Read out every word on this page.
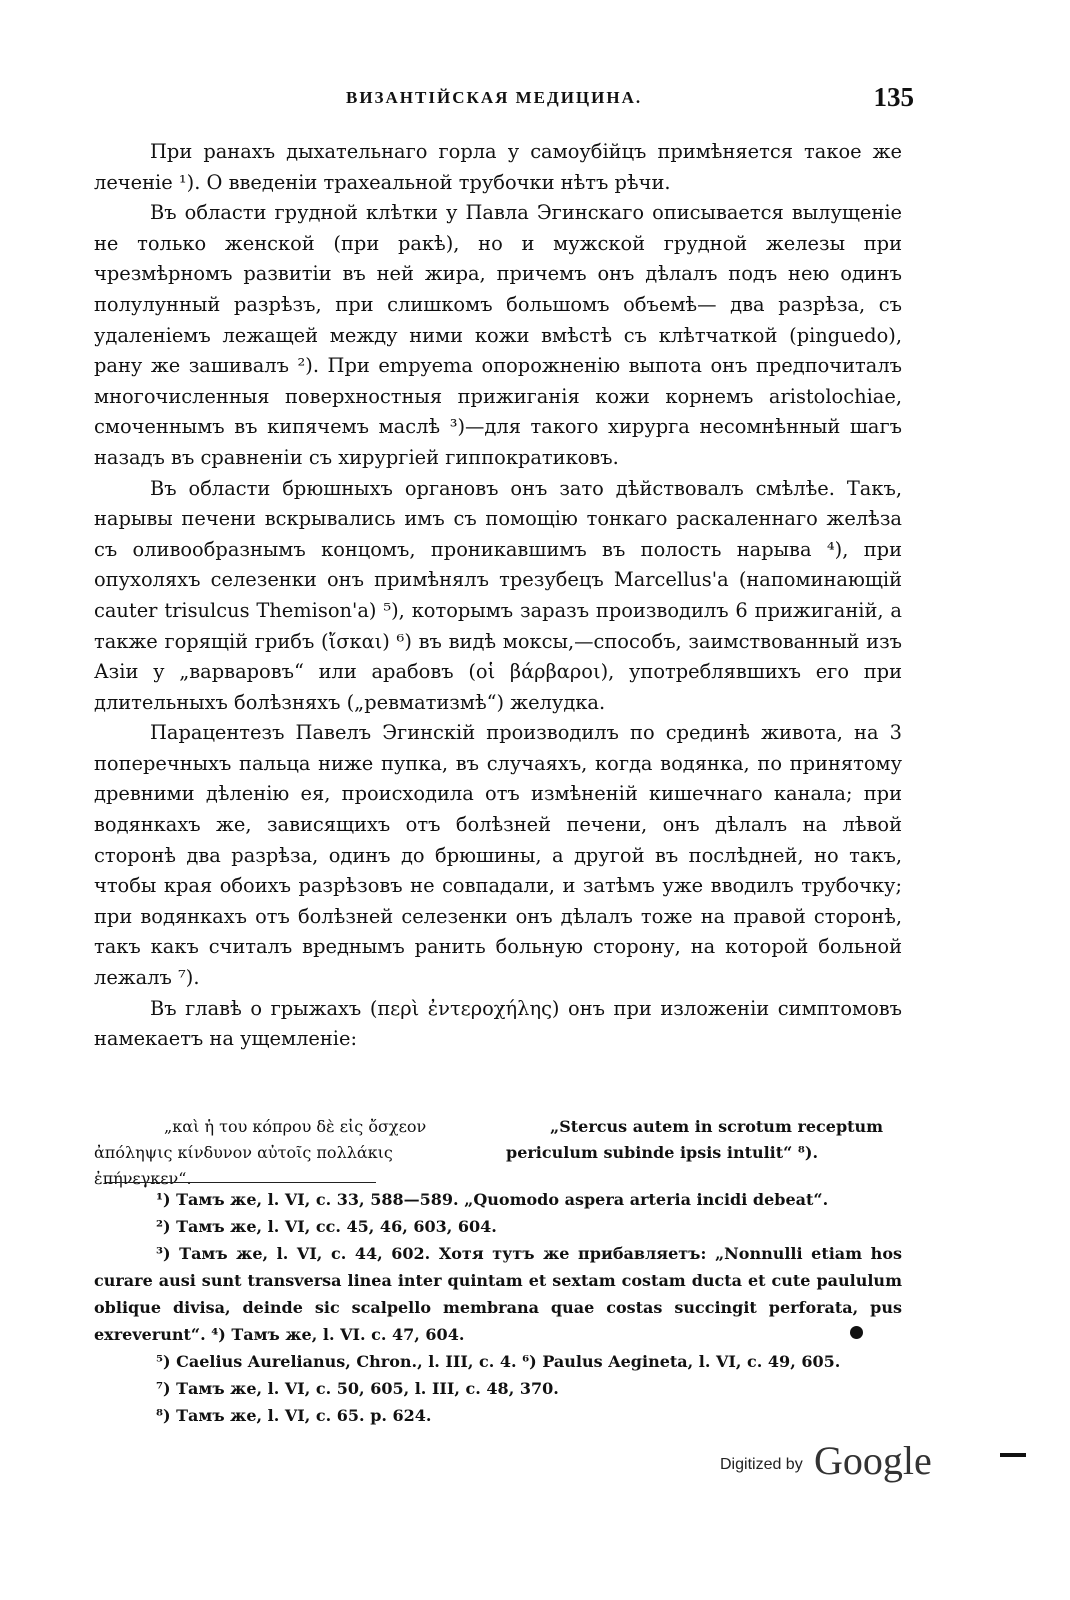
ВИЗАНТІЙСКАЯ МЕДИЦИНА.	135

При ранахъ дыхательнаго горла у самоубійцъ примѣняется такое же леченіе ¹). О введеніи трахеальной трубочки нѣтъ рѣчи.

Въ области грудной клѣтки у Павла Эгинскаго описывается вылущеніе не только женской (при ракѣ), но и мужской грудной железы при чрезмѣрномъ развитіи въ ней жира, причемъ онъ дѣлалъ подъ нею одинъ полулунный разрѣзъ, при слишкомъ большомъ объемѣ— два разрѣза, съ удаленіемъ лежащей между ними кожи вмѣстѣ съ клѣтчаткой (pinguedo), рану же зашивалъ ²). При empyema опорожненію выпота онъ предпочиталъ многочисленныя поверхностныя прижиганія кожи корнемъ aristolochiae, смоченнымъ въ кипячемъ маслѣ ³)—для такого хирурга несомнѣнный шагъ назадъ въ сравненіи съ хирургіей гиппократиковъ.

Въ области брюшныхъ органовъ онъ зато дѣйствовалъ смѣлѣе. Такъ, нарывы печени вскрывались имъ съ помощію тонкаго раскаленнаго желѣза съ оливообразнымъ концомъ, проникавшимъ въ полость нарыва ⁴), при опухоляхъ селезенки онъ примѣнялъ трезубецъ Marcellus'а (напоминающій cauter trisulcus Themison'а) ⁵), которымъ заразъ производилъ 6 прижиганій, а также горящій грибъ (ἴσκαι) ⁶) въ видѣ моксы,—способъ, заимствованный изъ Азіи у „варваровъ“ или арабовъ (οἱ βάρβαροι), употреблявшихъ его при длительныхъ болѣзняхъ („ревматизмѣ“) желудка.

Парацентезъ Павелъ Эгинскій производилъ по срединѣ живота, на 3 поперечныхъ пальца ниже пупка, въ случаяхъ, когда водянка, по принятому древними дѣленію ея, происходила отъ измѣненій кишечнаго канала; при водянкахъ же, зависящихъ отъ болѣзней печени, онъ дѣлалъ на лѣвой сторонѣ два разрѣза, одинъ до брюшины, а другой въ послѣдней, но такъ, чтобы края обоихъ разрѣзовъ не совпадали, и затѣмъ уже вводилъ трубочку; при водянкахъ отъ болѣзней селезенки онъ дѣлалъ тоже на правой сторонѣ, такъ какъ считалъ вреднымъ ранить больную сторону, на которой больной лежалъ ⁷).

Въ главѣ о грыжахъ (περὶ ἐντεροχήλης) онъ при изложеніи симптомовъ намекаетъ на ущемленіе:

„καὶ ἡ του κόπρου δὲ εἰς ὄσχεον ἀπόληψις κίνδυνον αὐτοῖς πολλάκις ἐπήνεγκεν“.
„Stercus autem in scrotum receptum periculum subinde ipsis intulit“ ⁸).

¹) Тамъ же, l. VI, c. 33, 588—589. „Quomodo aspera arteria incidi debeat“.

²) Тамъ же, l. VI, cc. 45, 46, 603, 604.

³) Тамъ же, l. VI, c. 44, 602. Хотя тутъ же прибавляетъ: „Nonnulli etiam hos curare ausi sunt transversa linea inter quintam et sextam costam ducta et cute paululum oblique divisa, deinde sic scalpello membrana quae costas succingit perforata, pus exreverunt“. ⁴) Тамъ же, l. VI. c. 47, 604.

⁵) Caelius Aurelianus, Chron., l. III, c. 4. ⁶) Paulus Aegineta, l. VI, c. 49, 605.

⁷) Тамъ же, l. VI, c. 50, 605, l. III, c. 48, 370.

⁸) Тамъ же, l. VI, c. 65. p. 624.

Digitized by Google
